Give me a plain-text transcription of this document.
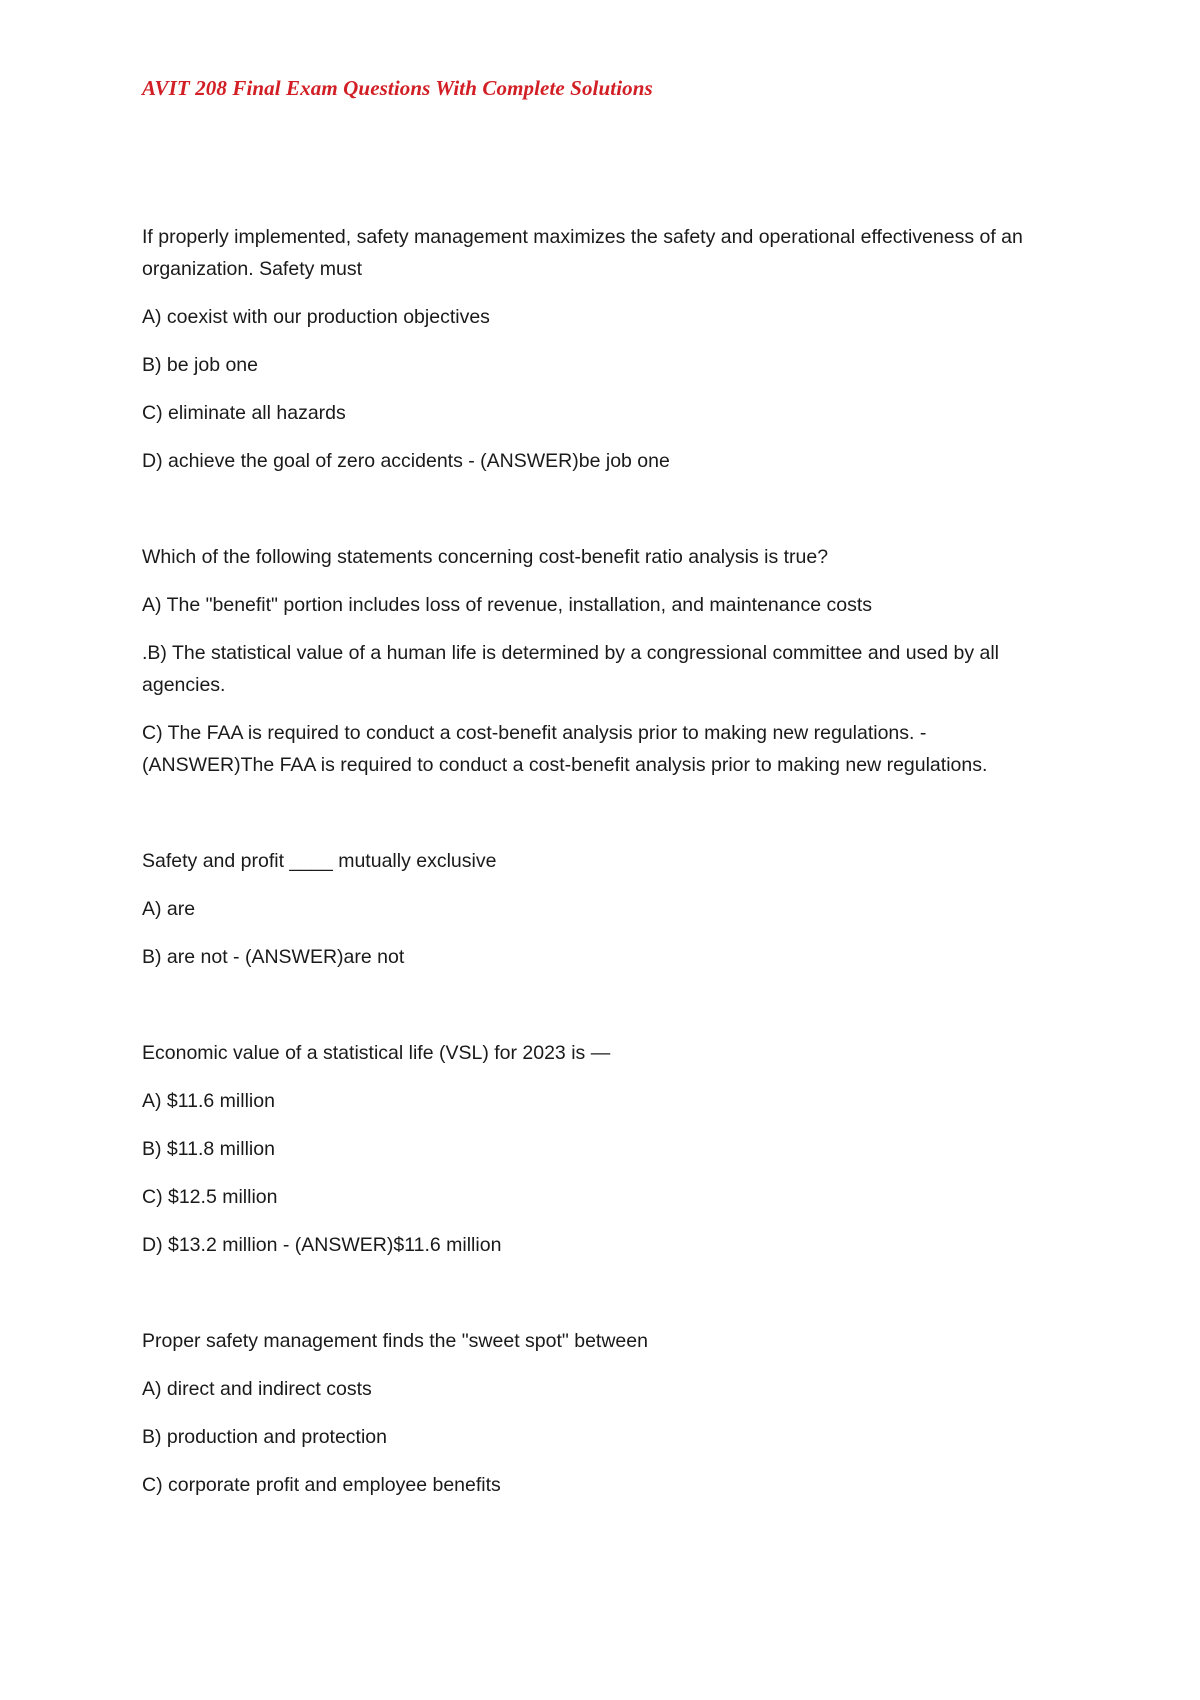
AVIT 208 Final Exam Questions With Complete Solutions

If properly implemented, safety management maximizes the safety and operational effectiveness of an organization. Safety must

A) coexist with our production objectives

B) be job one

C) eliminate all hazards

D) achieve the goal of zero accidents - (ANSWER)be job one

Which of the following statements concerning cost-benefit ratio analysis is true?

A) The "benefit" portion includes loss of revenue, installation, and maintenance costs

.B) The statistical value of a human life is determined by a congressional committee and used by all agencies.

C) The FAA is required to conduct a cost-benefit analysis prior to making new regulations. - (ANSWER)The FAA is required to conduct a cost-benefit analysis prior to making new regulations.

Safety and profit ____ mutually exclusive

A) are

B) are not - (ANSWER)are not

Economic value of a statistical life (VSL) for 2023 is —

A) $11.6 million

B) $11.8 million

C) $12.5 million

D) $13.2 million - (ANSWER)$11.6 million

Proper safety management finds the "sweet spot" between

A) direct and indirect costs

B) production and protection

C) corporate profit and employee benefits
